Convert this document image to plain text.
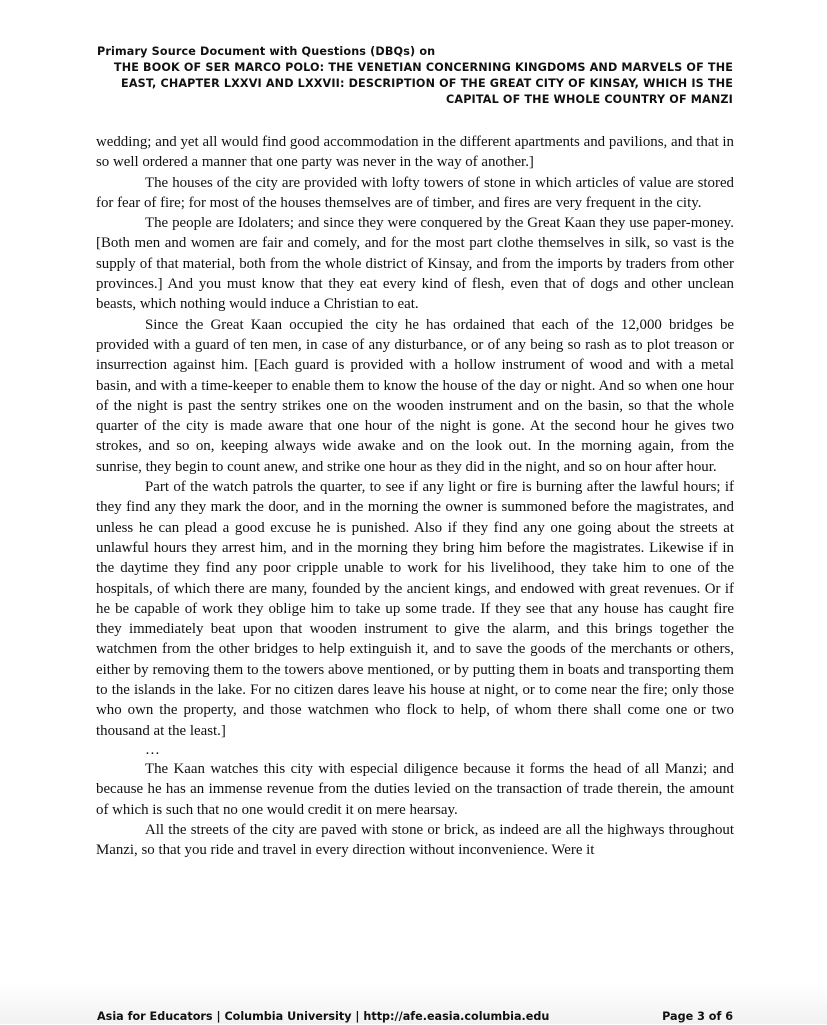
Primary Source Document with Questions (DBQs) on
THE BOOK OF SER MARCO POLO: THE VENETIAN CONCERNING KINGDOMS AND MARVELS OF THE
EAST, CHAPTER LXXVI AND LXXVII: DESCRIPTION OF THE GREAT CITY OF KINSAY, WHICH IS THE
CAPITAL OF THE WHOLE COUNTRY OF MANZI

wedding; and yet all would find good accommodation in the different apartments and pavilions, and that in so well ordered a manner that one party was never in the way of another.]

The houses of the city are provided with lofty towers of stone in which articles of value are stored for fear of fire; for most of the houses themselves are of timber, and fires are very frequent in the city.

The people are Idolaters; and since they were conquered by the Great Kaan they use paper-money. [Both men and women are fair and comely, and for the most part clothe themselves in silk, so vast is the supply of that material, both from the whole district of Kinsay, and from the imports by traders from other provinces.] And you must know that they eat every kind of flesh, even that of dogs and other unclean beasts, which nothing would induce a Christian to eat.

Since the Great Kaan occupied the city he has ordained that each of the 12,000 bridges be provided with a guard of ten men, in case of any disturbance, or of any being so rash as to plot treason or insurrection against him. [Each guard is provided with a hollow instrument of wood and with a metal basin, and with a time-keeper to enable them to know the house of the day or night. And so when one hour of the night is past the sentry strikes one on the wooden instrument and on the basin, so that the whole quarter of the city is made aware that one hour of the night is gone. At the second hour he gives two strokes, and so on, keeping always wide awake and on the look out. In the morning again, from the sunrise, they begin to count anew, and strike one hour as they did in the night, and so on hour after hour.

Part of the watch patrols the quarter, to see if any light or fire is burning after the lawful hours; if they find any they mark the door, and in the morning the owner is summoned before the magistrates, and unless he can plead a good excuse he is punished. Also if they find any one going about the streets at unlawful hours they arrest him, and in the morning they bring him before the magistrates. Likewise if in the daytime they find any poor cripple unable to work for his livelihood, they take him to one of the hospitals, of which there are many, founded by the ancient kings, and endowed with great revenues. Or if he be capable of work they oblige him to take up some trade. If they see that any house has caught fire they immediately beat upon that wooden instrument to give the alarm, and this brings together the watchmen from the other bridges to help extinguish it, and to save the goods of the merchants or others, either by removing them to the towers above mentioned, or by putting them in boats and transporting them to the islands in the lake. For no citizen dares leave his house at night, or to come near the fire; only those who own the property, and those watchmen who flock to help, of whom there shall come one or two thousand at the least.]

…

The Kaan watches this city with especial diligence because it forms the head of all Manzi; and because he has an immense revenue from the duties levied on the transaction of trade therein, the amount of which is such that no one would credit it on mere hearsay.

All the streets of the city are paved with stone or brick, as indeed are all the highways throughout Manzi, so that you ride and travel in every direction without inconvenience. Were it

Asia for Educators | Columbia University | http://afe.easia.columbia.edu	Page 3 of 6
